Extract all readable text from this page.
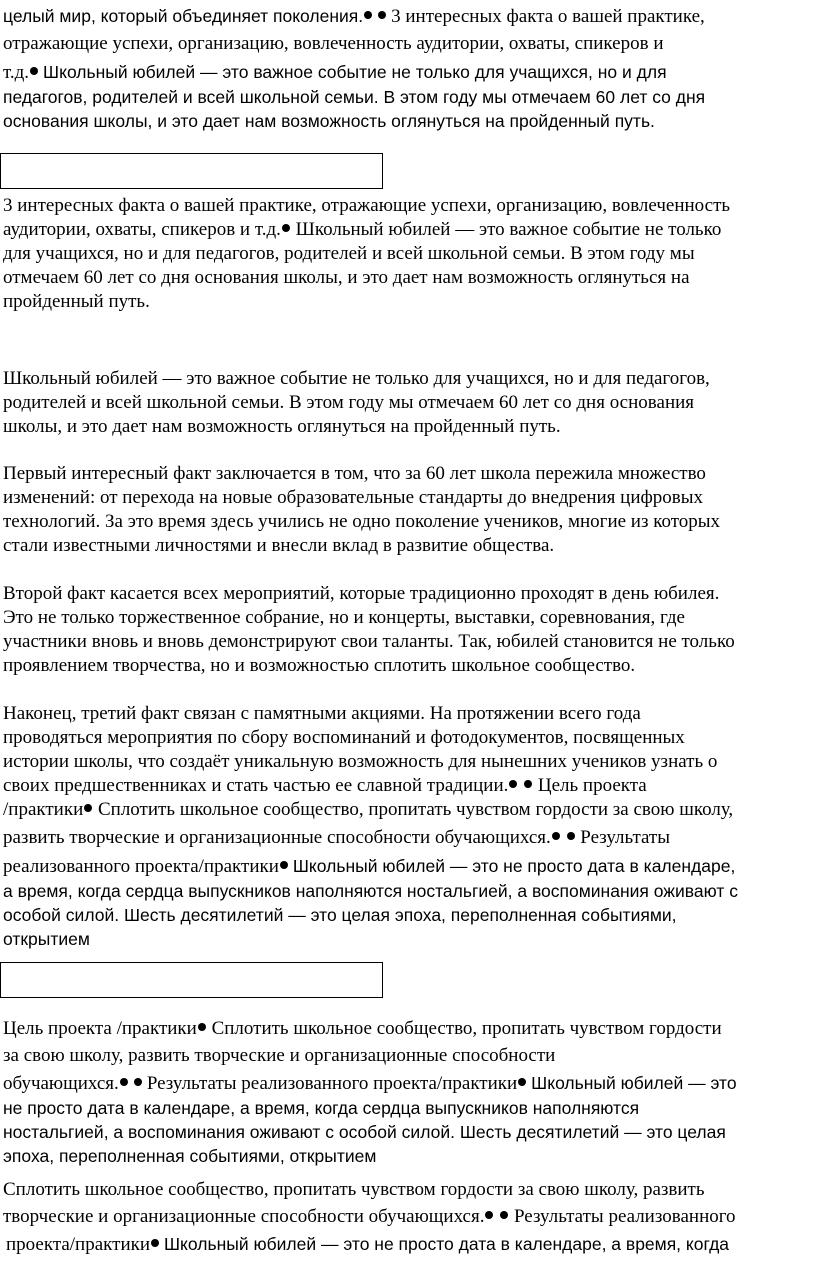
целый мир, который объединяет поколения. 3 интересных факта о вашей практике,
отражающие успехи, организацию, вовлеченность аудитории, охваты, спикеров и
т.д. Школьный юбилей — это важное событие не только для учащихся, но и для
педагогов, родителей и всей школьной семьи. В этом году мы отмечаем 60 лет со дня
основания школы, и это дает нам возможность оглянуться на пройденный путь.
3 интересных факта о вашей практике, отражающие успехи, организацию, вовлеченность
аудитории, охваты, спикеров и т.д. Школьный юбилей — это важное событие не только
для учащихся, но и для педагогов, родителей и всей школьной семьи. В этом году мы
отмечаем 60 лет со дня основания школы, и это дает нам возможность оглянуться на
пройденный путь.
Школьный юбилей — это важное событие не только для учащихся, но и для педагогов,
родителей и всей школьной семьи. В этом году мы отмечаем 60 лет со дня основания
школы, и это дает нам возможность оглянуться на пройденный путь.
Первый интересный факт заключается в том, что за 60 лет школа пережила множество
изменений: от перехода на новые образовательные стандарты до внедрения цифровых
технологий. За это время здесь учились не одно поколение учеников, многие из которых
стали известными личностями и внесли вклад в развитие общества.
Второй факт касается всех мероприятий, которые традиционно проходят в день юбилея.
Это не только торжественное собрание, но и концерты, выставки, соревнования, где
участники вновь и вновь демонстрируют свои таланты. Так, юбилей становится не только
проявлением творчества, но и возможностью сплотить школьное сообщество.
Наконец, третий факт связан с памятными акциями. На протяжении всего года
проводяться мероприятия по сбору воспоминаний и фотодокументов, посвященных
истории школы, что создаёт уникальную возможность для нынешних учеников узнать о
своих предшественниках и стать частью ее славной традиции. Цель проекта
/практики Сплотить школьное сообщество, пропитать чувством гордости за свою школу,
развить творческие и организационные способности обучающихся. Результаты
реализованного проекта/практики Школьный юбилей — это не просто дата в календаре,
а время, когда сердца выпускников наполняются ностальгией, а воспоминания оживают с
особой силой. Шесть десятилетий — это целая эпоха, переполненная событиями,
открытием
Цель проекта /практики Сплотить школьное сообщество, пропитать чувством гордости
за свою школу, развить творческие и организационные способности
обучающихся. Результаты реализованного проекта/практики Школьный юбилей — это
не просто дата в календаре, а время, когда сердца выпускников наполняются
ностальгией, а воспоминания оживают с особой силой. Шесть десятилетий — это целая
эпоха, переполненная событиями, открытием
Сплотить школьное сообщество, пропитать чувством гордости за свою школу, развить
творческие и организационные способности обучающихся. Результаты реализованного
проекта/практики Школьный юбилей — это не просто дата в календаре, а время, когда
